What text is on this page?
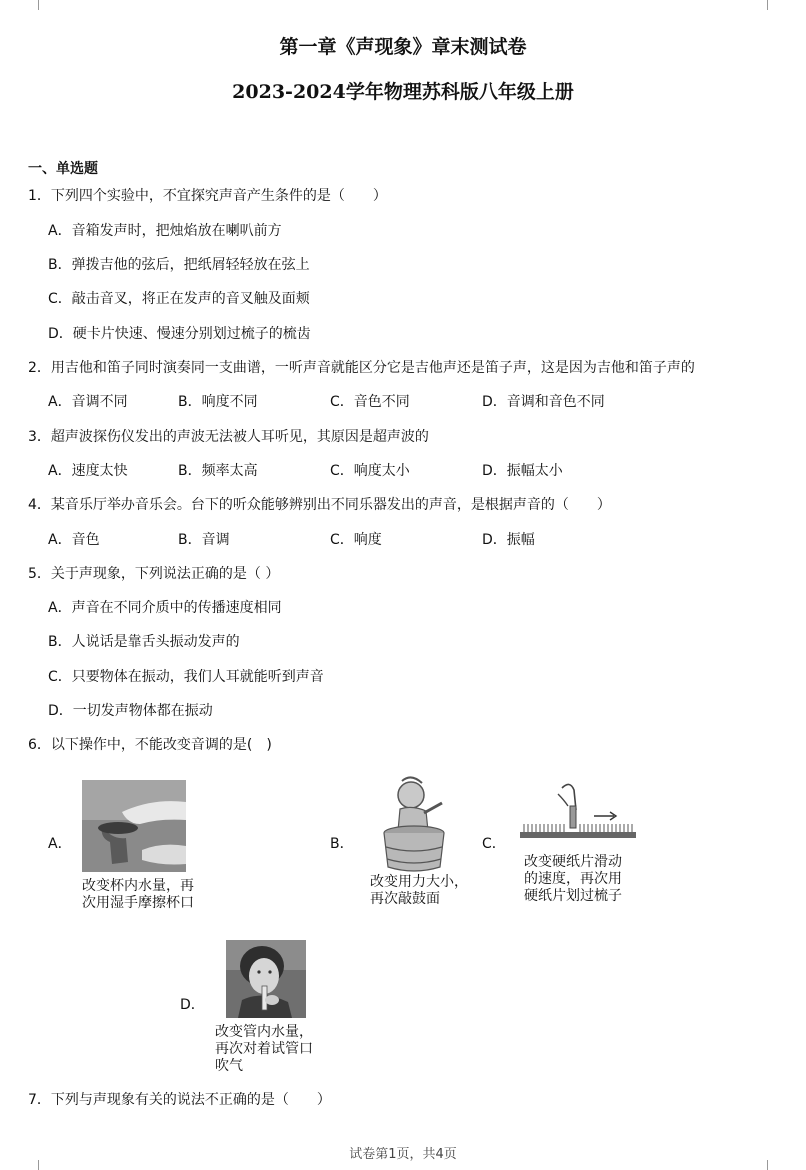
第一章《声现象》章末测试卷
2023-2024学年物理苏科版八年级上册
一、单选题
1．下列四个实验中，不宜探究声音产生条件的是（　　）
A．音箱发声时，把烛焰放在喇叭前方
B．弹拨吉他的弦后，把纸屑轻轻放在弦上
C．敲击音叉，将正在发声的音叉触及面颊
D．硬卡片快速、慢速分别划过梳子的梳齿
2．用吉他和笛子同时演奏同一支曲谱，一听声音就能区分它是吉他声还是笛子声，这是因为吉他和笛子声的
A．音调不同	B．响度不同	C．音色不同	D．音调和音色不同
3．超声波探伤仪发出的声波无法被人耳听见，其原因是超声波的
A．速度太快	B．频率太高	C．响度太小	D．振幅太小
4．某音乐厅举办音乐会。台下的听众能够辨别出不同乐器发出的声音，是根据声音的（　　）
A．音色	B．音调	C．响度	D．振幅
5．关于声现象，下列说法正确的是（ ）
A．声音在不同介质中的传播速度相同
B．人说话是靠舌头振动发声的
C．只要物体在振动，我们人耳就能听到声音
D．一切发声物体都在振动
6．以下操作中，不能改变音调的是(　)
A．
改变杯内水量，再
次用湿手摩擦杯口
B．
改变用力大小，
再次敲鼓面
C．
改变硬纸片滑动
的速度，再次用
硬纸片划过梳子
D．
改变管内水量，
再次对着试管口
吹气
7．下列与声现象有关的说法不正确的是（　　）
试卷第1页，共4页
